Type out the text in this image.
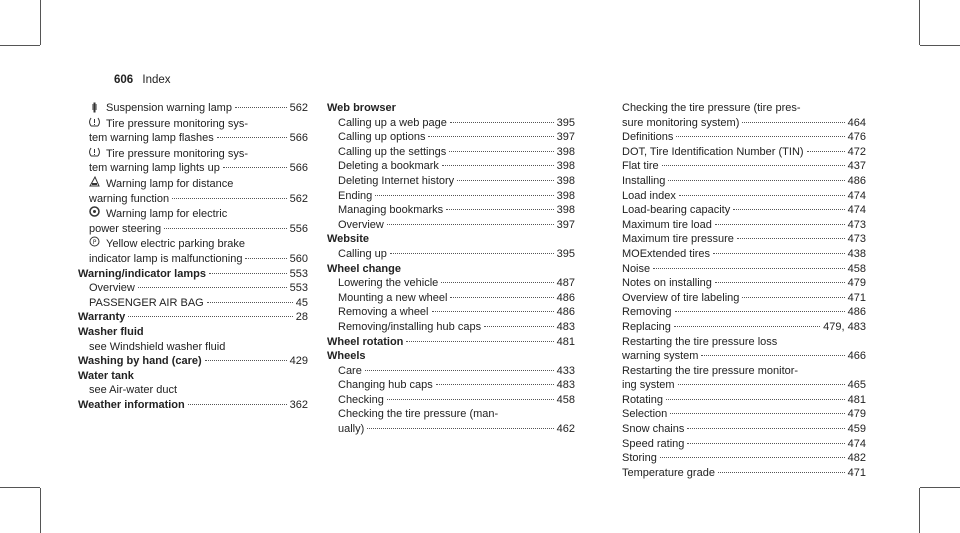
606 Index
Suspension warning lamp	562
Tire pressure monitoring sys-
tem warning lamp flashes	566
Tire pressure monitoring sys-
tem warning lamp lights up	566
Warning lamp for distance
warning function	562
Warning lamp for electric
power steering	556
P Yellow electric parking brake
indicator lamp is malfunctioning	560
Warning/indicator lamps	553
Overview	553
PASSENGER AIR BAG	45
Warranty	28
Washer fluid
see Windshield washer fluid
Washing by hand (care)	429
Water tank
see Air-water duct
Weather information	362
Web browser
Calling up a web page	395
Calling up options	397
Calling up the settings	398
Deleting a bookmark	398
Deleting Internet history	398
Ending	398
Managing bookmarks	398
Overview	397
Website
Calling up	395
Wheel change
Lowering the vehicle	487
Mounting a new wheel	486
Removing a wheel	486
Removing/installing hub caps	483
Wheel rotation	481
Wheels
Care	433
Changing hub caps	483
Checking	458
Checking the tire pressure (man-
ually)	462
Checking the tire pressure (tire pres-
sure monitoring system)	464
Definitions	476
DOT, Tire Identification Number (TIN)	472
Flat tire	437
Installing	486
Load index	474
Load-bearing capacity	474
Maximum tire load	473
Maximum tire pressure	473
MOExtended tires	438
Noise	458
Notes on installing	479
Overview of tire labeling	471
Removing	486
Replacing	479, 483
Restarting the tire pressure loss
warning system	466
Restarting the tire pressure monitor-
ing system	465
Rotating	481
Selection	479
Snow chains	459
Speed rating	474
Storing	482
Temperature grade	471
